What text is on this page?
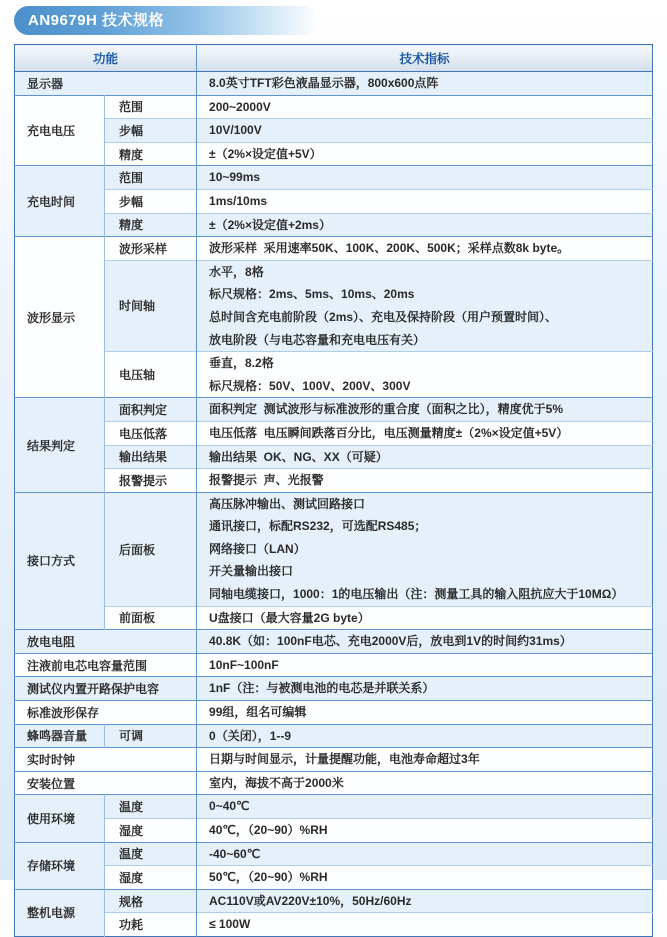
AN9679H 技术规格
功能		技术指标
显示器		8.0英寸TFT彩色液晶显示器，800x600点阵

充电电压	范围	200~2000V

	步幅	10V/100V

	精度	±（2%×设定值+5V）

充电时间	范围	10~99ms

	步幅	1ms/10ms

	精度	±（2%×设定值+2ms）

波形显示	波形采样	波形采样  采用速率50K、100K、200K、500K；采样点数8k byte。

	时间轴	水平，8格
标尺规格：2ms、5ms、10ms、20ms
总时间含充电前阶段（2ms）、充电及保持阶段（用户预置时间）、
放电阶段（与电芯容量和充电电压有关）

	电压轴	垂直，8.2格
标尺规格：50V、100V、200V、300V

结果判定	面积判定	面积判定  测试波形与标准波形的重合度（面积之比），精度优于5%

	电压低落	电压低落  电压瞬间跌落百分比，电压测量精度±（2%×设定值+5V）

	输出结果	输出结果  OK、NG、XX（可疑）

	报警提示	报警提示  声、光报警

接口方式	后面板	高压脉冲输出、测试回路接口
通讯接口，标配RS232，可选配RS485；
网络接口（LAN）
开关量输出接口
同轴电缆接口，1000：1的电压输出（注：测量工具的输入阻抗应大于10MΩ）

	前面板	U盘接口（最大容量2G byte）

放电电阻		40.8K（如：100nF电芯、充电2000V后，放电到1V的时间约31ms）

注液前电芯电容量范围		10nF~100nF

测试仪内置开路保护电容		1nF（注：与被测电池的电芯是并联关系）

标准波形保存		99组，组名可编辑

蜂鸣器音量	可调	0（关闭），1--9

实时时钟		日期与时间显示，计量提醒功能，电池寿命超过3年

安装位置		室内，海拔不高于2000米

使用环境	温度	0~40℃

	湿度	40℃，（20~90）%RH

存储环境	温度	-40~60℃

	湿度	50℃，（20~90）%RH

整机电源	规格	AC110V或AV220V±10%，50Hz/60Hz

	功耗	≤ 100W
